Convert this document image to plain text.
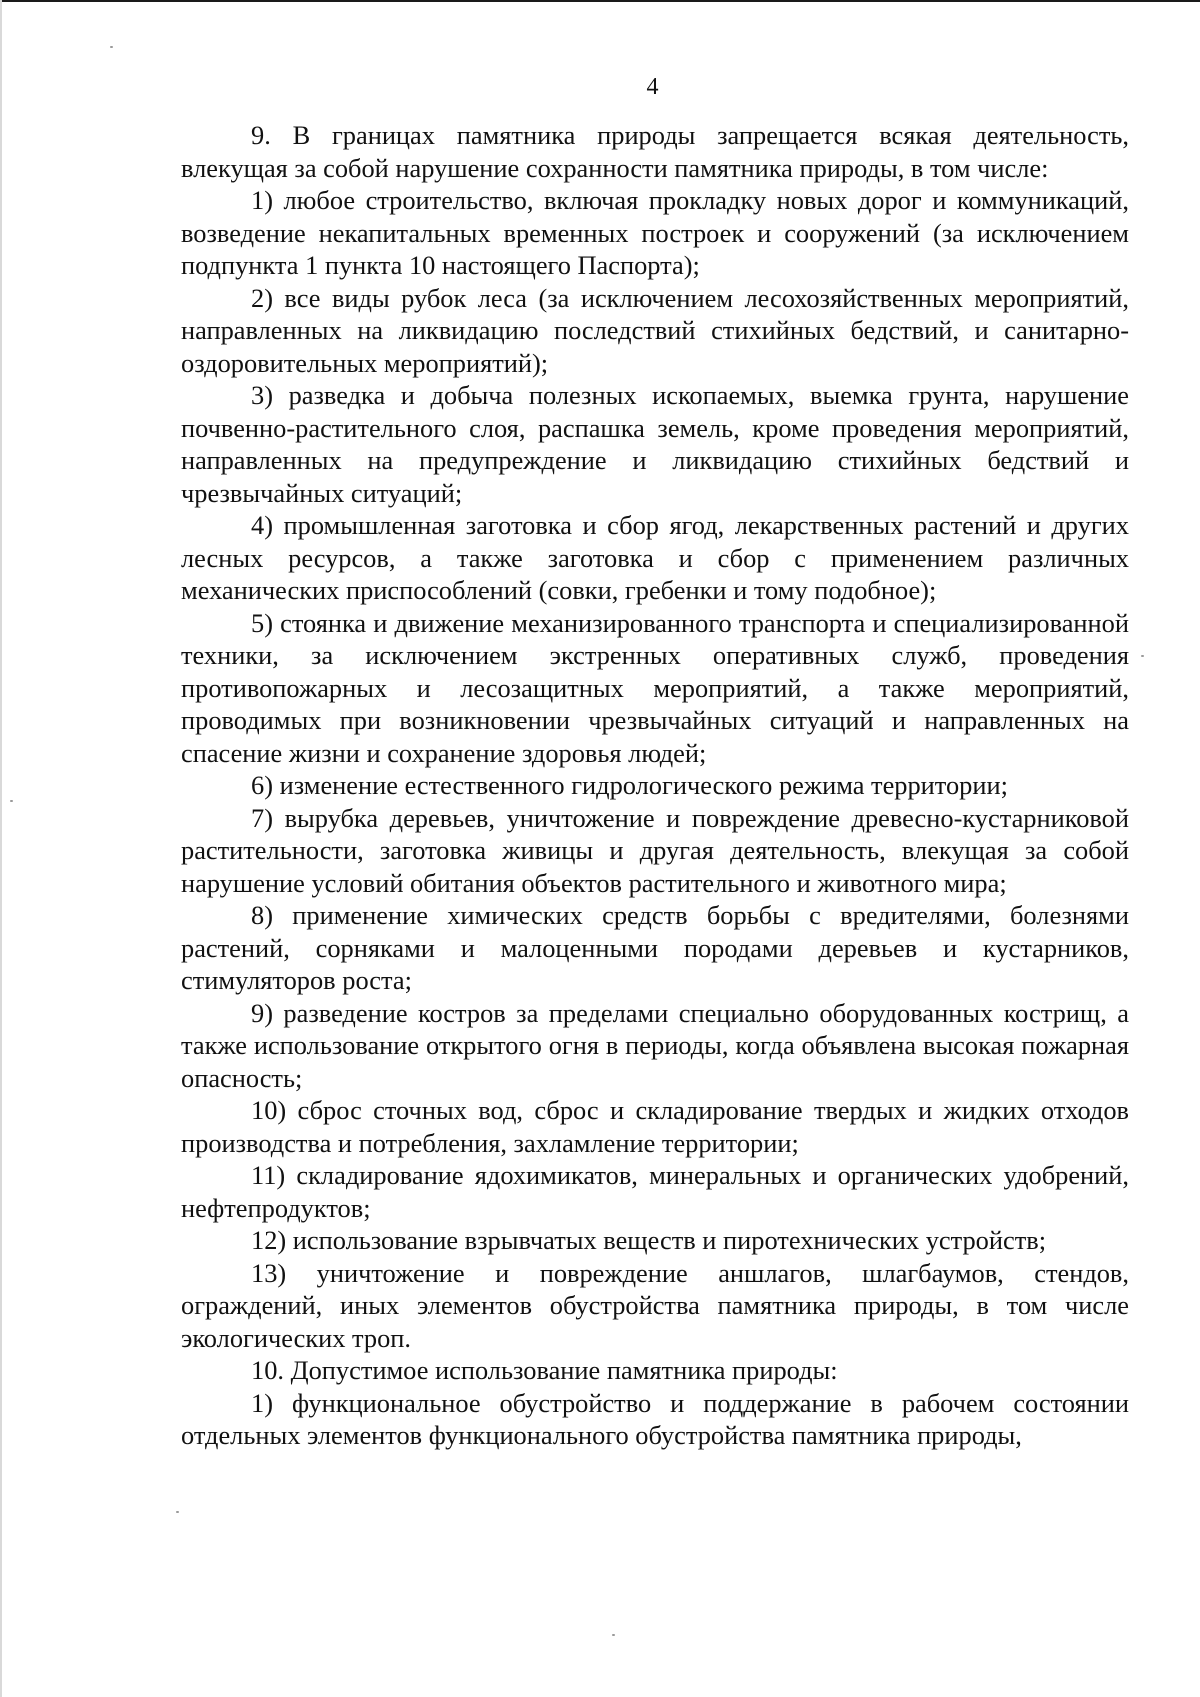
4

9. В границах памятника природы запрещается всякая деятельность, влекущая за собой нарушение сохранности памятника природы, в том числе:

1) любое строительство, включая прокладку новых дорог и коммуникаций, возведение некапитальных временных построек и сооружений (за исключением подпункта 1 пункта 10 настоящего Паспорта);

2) все виды рубок леса (за исключением лесохозяйственных мероприятий, направленных на ликвидацию последствий стихийных бедствий, и санитарно-оздоровительных мероприятий);

3) разведка и добыча полезных ископаемых, выемка грунта, нарушение почвенно-растительного слоя, распашка земель, кроме проведения мероприятий, направленных на предупреждение и ликвидацию стихийных бедствий и чрезвычайных ситуаций;

4) промышленная заготовка и сбор ягод, лекарственных растений и других лесных ресурсов, а также заготовка и сбор с применением различных механических приспособлений (совки, гребенки и тому подобное);

5) стоянка и движение механизированного транспорта и специализированной техники, за исключением экстренных оперативных служб, проведения противопожарных и лесозащитных мероприятий, а также мероприятий, проводимых при возникновении чрезвычайных ситуаций и направленных на спасение жизни и сохранение здоровья людей;

6) изменение естественного гидрологического режима территории;

7) вырубка деревьев, уничтожение и повреждение древесно-кустарниковой растительности, заготовка живицы и другая деятельность, влекущая за собой нарушение условий обитания объектов растительного и животного мира;

8) применение химических средств борьбы с вредителями, болезнями растений, сорняками и малоценными породами деревьев и кустарников, стимуляторов роста;

9) разведение костров за пределами специально оборудованных кострищ, а также использование открытого огня в периоды, когда объявлена высокая пожарная опасность;

10) сброс сточных вод, сброс и складирование твердых и жидких отходов производства и потребления, захламление территории;

11) складирование ядохимикатов, минеральных и органических удобрений, нефтепродуктов;

12) использование взрывчатых веществ и пиротехнических устройств;

13) уничтожение и повреждение аншлагов, шлагбаумов, стендов, ограждений, иных элементов обустройства памятника природы, в том числе экологических троп.

10. Допустимое использование памятника природы:

1) функциональное обустройство и поддержание в рабочем состоянии отдельных элементов функционального обустройства памятника природы,
